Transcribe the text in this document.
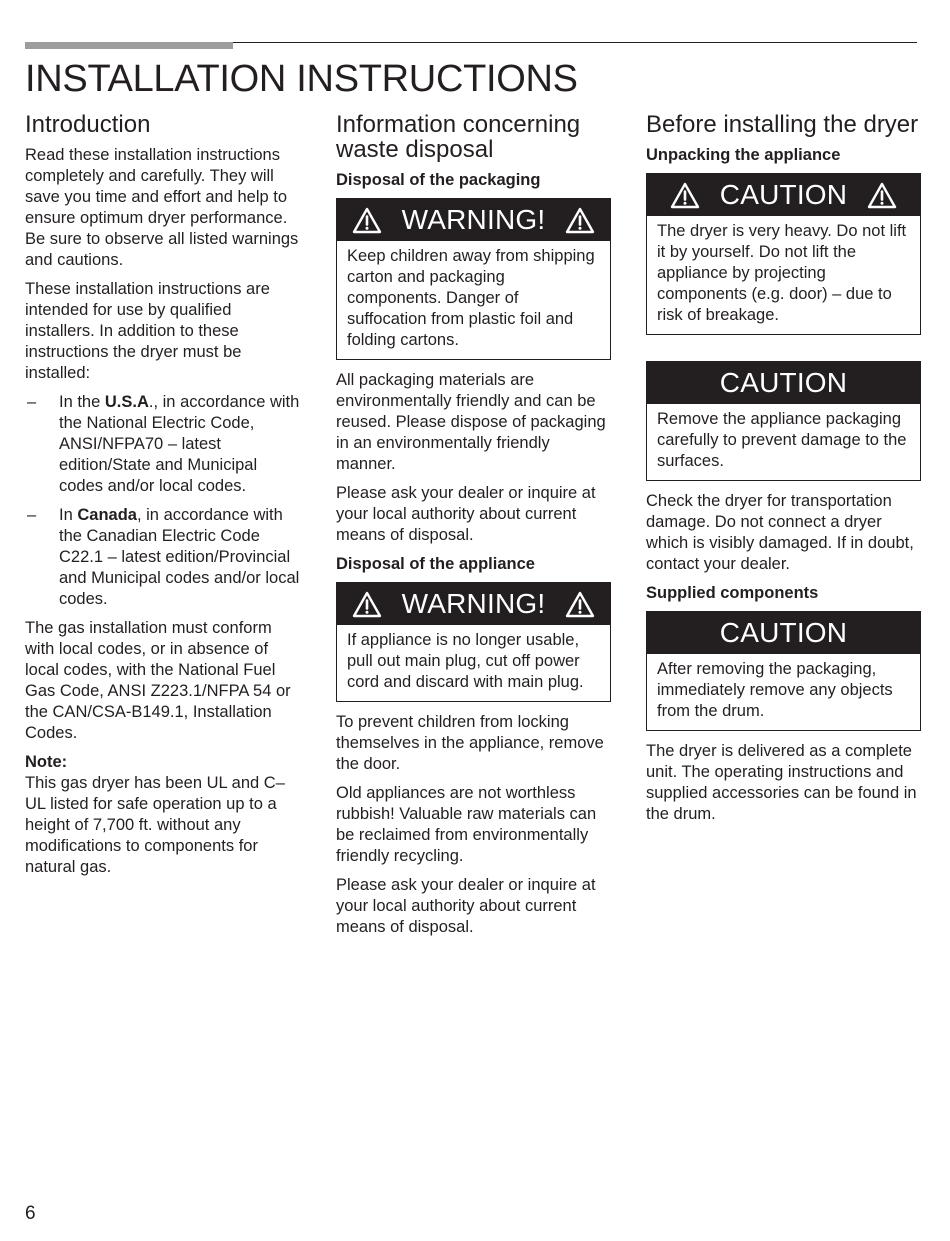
INSTALLATION INSTRUCTIONS
Introduction

Read these installation instructions completely and carefully. They will save you time and effort and help to ensure optimum dryer performance. Be sure to observe all listed warnings and cautions.

These installation instructions are intended for use by qualified installers. In addition to these instructions the dryer must be installed:

–	In the U.S.A., in accordance with the National Electric Code, ANSI/NFPA70 – latest edition/State and Municipal codes and/or local codes.
–	In Canada, in accordance with the Canadian Electric Code C22.1 – latest edition/Provincial and Municipal codes and/or local codes.

The gas installation must conform with local codes, or in absence of local codes, with the National Fuel Gas Code, ANSI Z223.1/NFPA 54 or the CAN/CSA-B149.1, Installation Codes.

Note:

This gas dryer has been UL and C–UL listed for safe operation up to a height of 7,700 ft. without any modifications to components for natural gas.

Information concerning waste disposal
Disposal of the packaging
WARNING!
Keep children away from shipping carton and packaging components. Danger of suffocation from plastic foil and folding cartons.

All packaging materials are environmentally friendly and can be reused. Please dispose of packaging in an environmentally friendly manner.

Please ask your dealer or inquire at your local authority about current means of disposal.

Disposal of the appliance
WARNING!
If appliance is no longer usable, pull out main plug, cut off power cord and discard with main plug.

To prevent children from locking themselves in the appliance, remove the door.

Old appliances are not worthless rubbish! Valuable raw materials can be reclaimed from environmentally friendly recycling.

Please ask your dealer or inquire at your local authority about current means of disposal.

Before installing the dryer
Unpacking the appliance
CAUTION
The dryer is very heavy. Do not lift it by yourself. Do not lift the appliance by projecting components (e.g. door) – due to risk of breakage.
CAUTION
Remove the appliance packaging carefully to prevent damage to the surfaces.

Check the dryer for transportation damage. Do not connect a dryer which is visibly damaged. If in doubt, contact your dealer.

Supplied components
CAUTION
After removing the packaging, immediately remove any objects from the drum.

The dryer is delivered as a complete unit. The operating instructions and supplied accessories can be found in the drum.

6
